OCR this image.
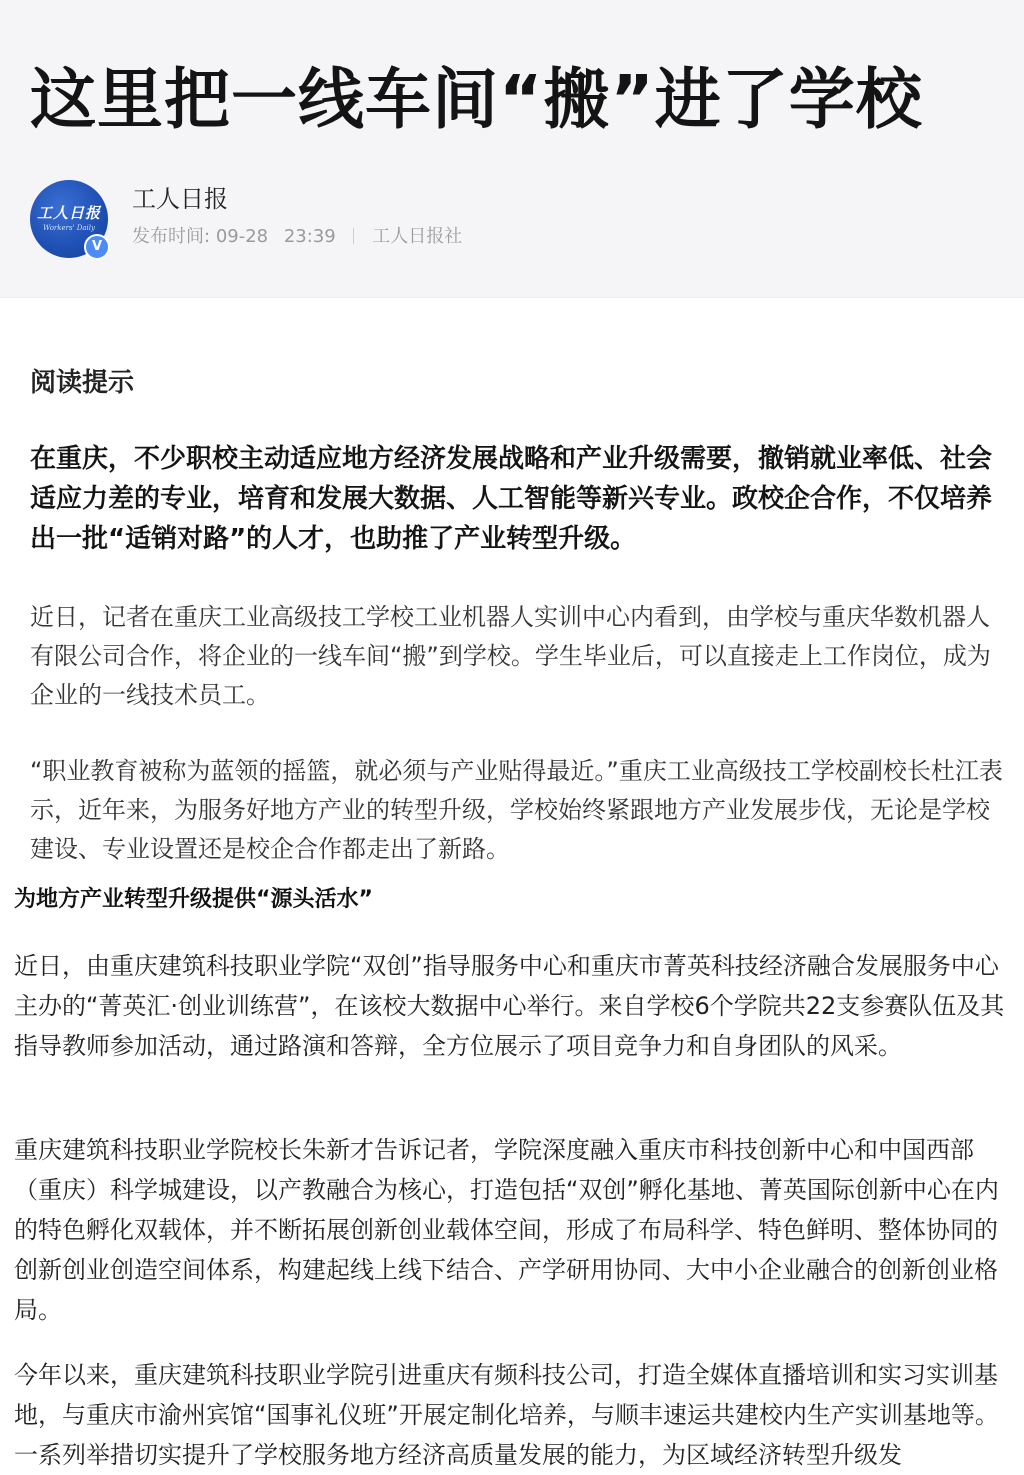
这里把一线车间“搬”进了学校
工人日报
Workers' Daily
V
工人日报
发布时间: 09-28 23:39 工人日报社
阅读提示

在重庆，不少职校主动适应地方经济发展战略和产业升级需要，撤销就业率低、社会适应力差的专业，培育和发展大数据、人工智能等新兴专业。政校企合作，不仅培养出一批“适销对路”的人才，也助推了产业转型升级。

近日，记者在重庆工业高级技工学校工业机器人实训中心内看到，由学校与重庆华数机器人有限公司合作，将企业的一线车间“搬”到学校。学生毕业后，可以直接走上工作岗位，成为企业的一线技术员工。

“职业教育被称为蓝领的摇篮，就必须与产业贴得最近。”重庆工业高级技工学校副校长杜江表示，近年来，为服务好地方产业的转型升级，学校始终紧跟地方产业发展步伐，无论是学校建设、专业设置还是校企合作都走出了新路。

为地方产业转型升级提供“源头活水”

近日，由重庆建筑科技职业学院“双创”指导服务中心和重庆市菁英科技经济融合发展服务中心主办的“菁英汇·创业训练营”，在该校大数据中心举行。来自学校6个学院共22支参赛队伍及其指导教师参加活动，通过路演和答辩，全方位展示了项目竞争力和自身团队的风采。

重庆建筑科技职业学院校长朱新才告诉记者，学院深度融入重庆市科技创新中心和中国西部（重庆）科学城建设，以产教融合为核心，打造包括“双创”孵化基地、菁英国际创新中心在内的特色孵化双载体，并不断拓展创新创业载体空间，形成了布局科学、特色鲜明、整体协同的创新创业创造空间体系，构建起线上线下结合、产学研用协同、大中小企业融合的创新创业格局。

今年以来，重庆建筑科技职业学院引进重庆有频科技公司，打造全媒体直播培训和实习实训基地，与重庆市渝州宾馆“国事礼仪班”开展定制化培养，与顺丰速运共建校内生产实训基地等。一系列举措切实提升了学校服务地方经济高质量发展的能力，为区域经济转型升级发
